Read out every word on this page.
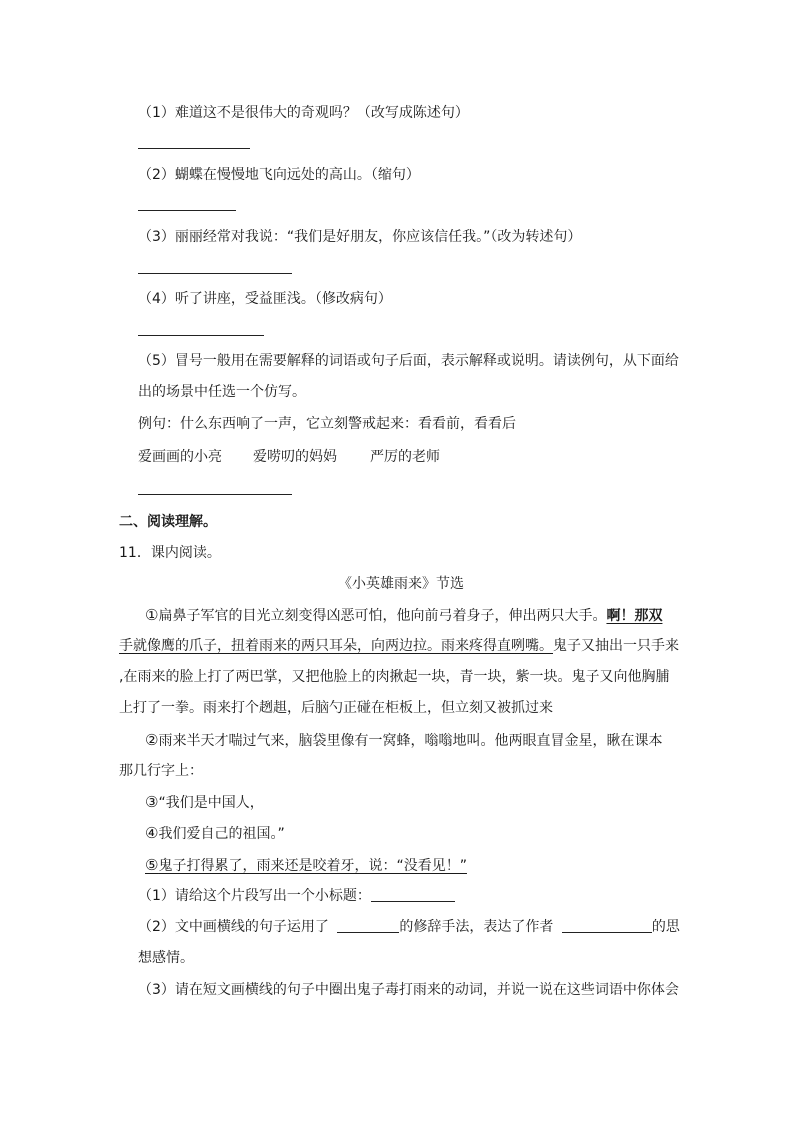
（1）难道这不是很伟大的奇观吗？（改写成陈述句）
（2）蝴蝶在慢慢地飞向远处的高山。（缩句）
（3）丽丽经常对我说：“我们是好朋友，你应该信任我。”（改为转述句）
（4）听了讲座，受益匪浅。（修改病句）
（5）冒号一般用在需要解释的词语或句子后面，表示解释或说明。请读例句，从下面给
出的场景中任选一个仿写。
例句：什么东西响了一声，它立刻警戒起来：看看前，看看后
爱画画的小亮 爱唠叨的妈妈 严厉的老师
二、阅读理解。
11．课内阅读。
《小英雄雨来》节选
①扁鼻子军官的目光立刻变得凶恶可怕，他向前弓着身子，伸出两只大手。啊！那双
手就像鹰的爪子，扭着雨来的两只耳朵，向两边拉。雨来疼得直咧嘴。鬼子又抽出一只手来
,在雨来的脸上打了两巴掌，又把他脸上的肉揪起一块，青一块，紫一块。鬼子又向他胸脯
上打了一拳。雨来打个趔趄，后脑勺正碰在柜板上，但立刻又被抓过来
②雨来半天才喘过气来，脑袋里像有一窝蜂，嗡嗡地叫。他两眼直冒金星，瞅在课本
那几行字上：
③“我们是中国人，
④我们爱自己的祖国。”
⑤鬼子打得累了，雨来还是咬着牙，说：“没看见！”
（1）请给这个片段写出一个小标题：
（2）文中画横线的句子运用了	的修辞手法，表达了作者	的思
想感情。
（3）请在短文画横线的句子中圈出鬼子毒打雨来的动词，并说一说在这些词语中你体会
